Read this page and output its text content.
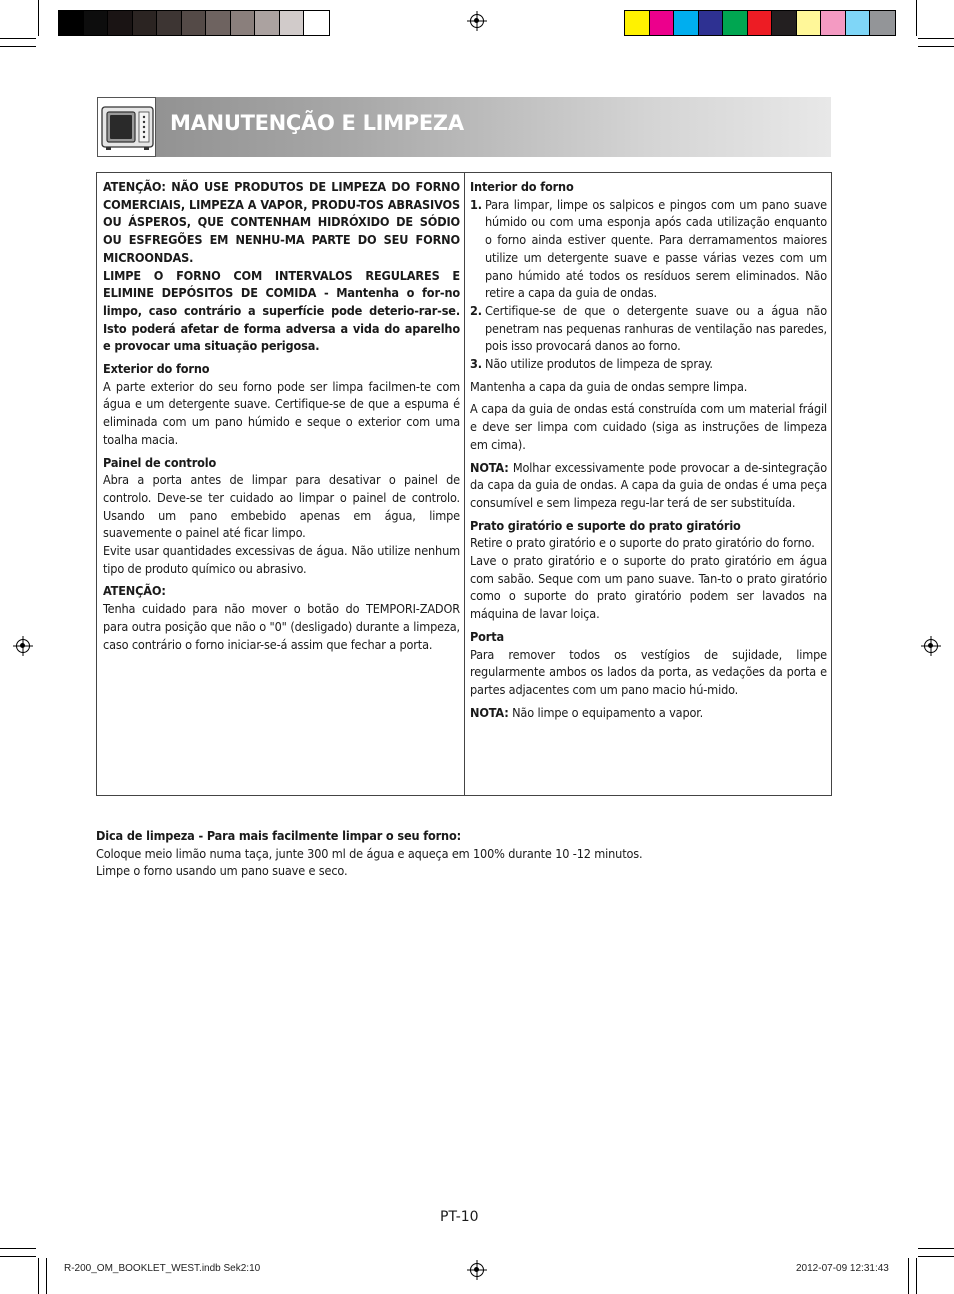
MANUTENÇÃO E LIMPEZA

ATENÇÃO: NÃO USE PRODUTOS DE LIMPEZA DO FORNO COMERCIAIS, LIMPEZA A VAPOR, PRODU-TOS ABRASIVOS OU ÁSPEROS, QUE CONTENHAM HIDRÓXIDO DE SÓDIO OU ESFREGÕES EM NENHU-MA PARTE DO SEU FORNO MICROONDAS.

LIMPE O FORNO COM INTERVALOS REGULARES E ELIMINE DEPÓSITOS DE COMIDA - Mantenha o for-no limpo, caso contrário a superfície pode deterio-rar-se. Isto poderá afetar de forma adversa a vida do aparelho e provocar uma situação perigosa.

Exterior do forno

A parte exterior do seu forno pode ser limpa facilmen-te com água e um detergente suave. Certifique-se de que a espuma é eliminada com um pano húmido e seque o exterior com uma toalha macia.

Painel de controlo

Abra a porta antes de limpar para desativar o painel de controlo. Deve-se ter cuidado ao limpar o painel de controlo. Usando um pano embebido apenas em água, limpe suavemente o painel até ficar limpo.

Evite usar quantidades excessivas de água. Não utilize nenhum tipo de produto químico ou abrasivo.

ATENÇÃO:

Tenha cuidado para não mover o botão do TEMPORI-ZADOR para outra posição que não o "0" (desligado) durante a limpeza, caso contrário o forno iniciar-se-á assim que fechar a porta.

Interior do forno

1. Para limpar, limpe os salpicos e pingos com um pano suave húmido ou com uma esponja após cada utilização enquanto o forno ainda estiver quente. Para derramamentos maiores utilize um detergente suave e passe várias vezes com um pano húmido até todos os resíduos serem eliminados. Não retire a capa da guia de ondas.
2. Certifique-se de que o detergente suave ou a água não penetram nas pequenas ranhuras de ventilação nas paredes, pois isso provocará danos ao forno.
3. Não utilize produtos de limpeza de spray.

Mantenha a capa da guia de ondas sempre limpa.

A capa da guia de ondas está construída com um material frágil e deve ser limpa com cuidado (siga as instruções de limpeza em cima).

NOTA: Molhar excessivamente pode provocar a de-sintegração da capa da guia de ondas. A capa da guia de ondas é uma peça consumível e sem limpeza regu-lar terá de ser substituída.

Prato giratório e suporte do prato giratório

Retire o prato giratório e o suporte do prato giratório do forno.

Lave o prato giratório e o suporte do prato giratório em água com sabão. Seque com um pano suave. Tan-to o prato giratório como o suporte do prato giratório podem ser lavados na máquina de lavar loiça.

Porta

Para remover todos os vestígios de sujidade, limpe regularmente ambos os lados da porta, as vedações da porta e partes adjacentes com um pano macio hú-mido.

NOTA: Não limpe o equipamento a vapor.

Dica de limpeza - Para mais facilmente limpar o seu forno:

Coloque meio limão numa taça, junte 300 ml de água e aqueça em 100% durante 10 -12 minutos.

Limpe o forno usando um pano suave e seco.

PT-10
R-200_OM_BOOKLET_WEST.indb Sek2:10	2012-07-09 12:31:43
